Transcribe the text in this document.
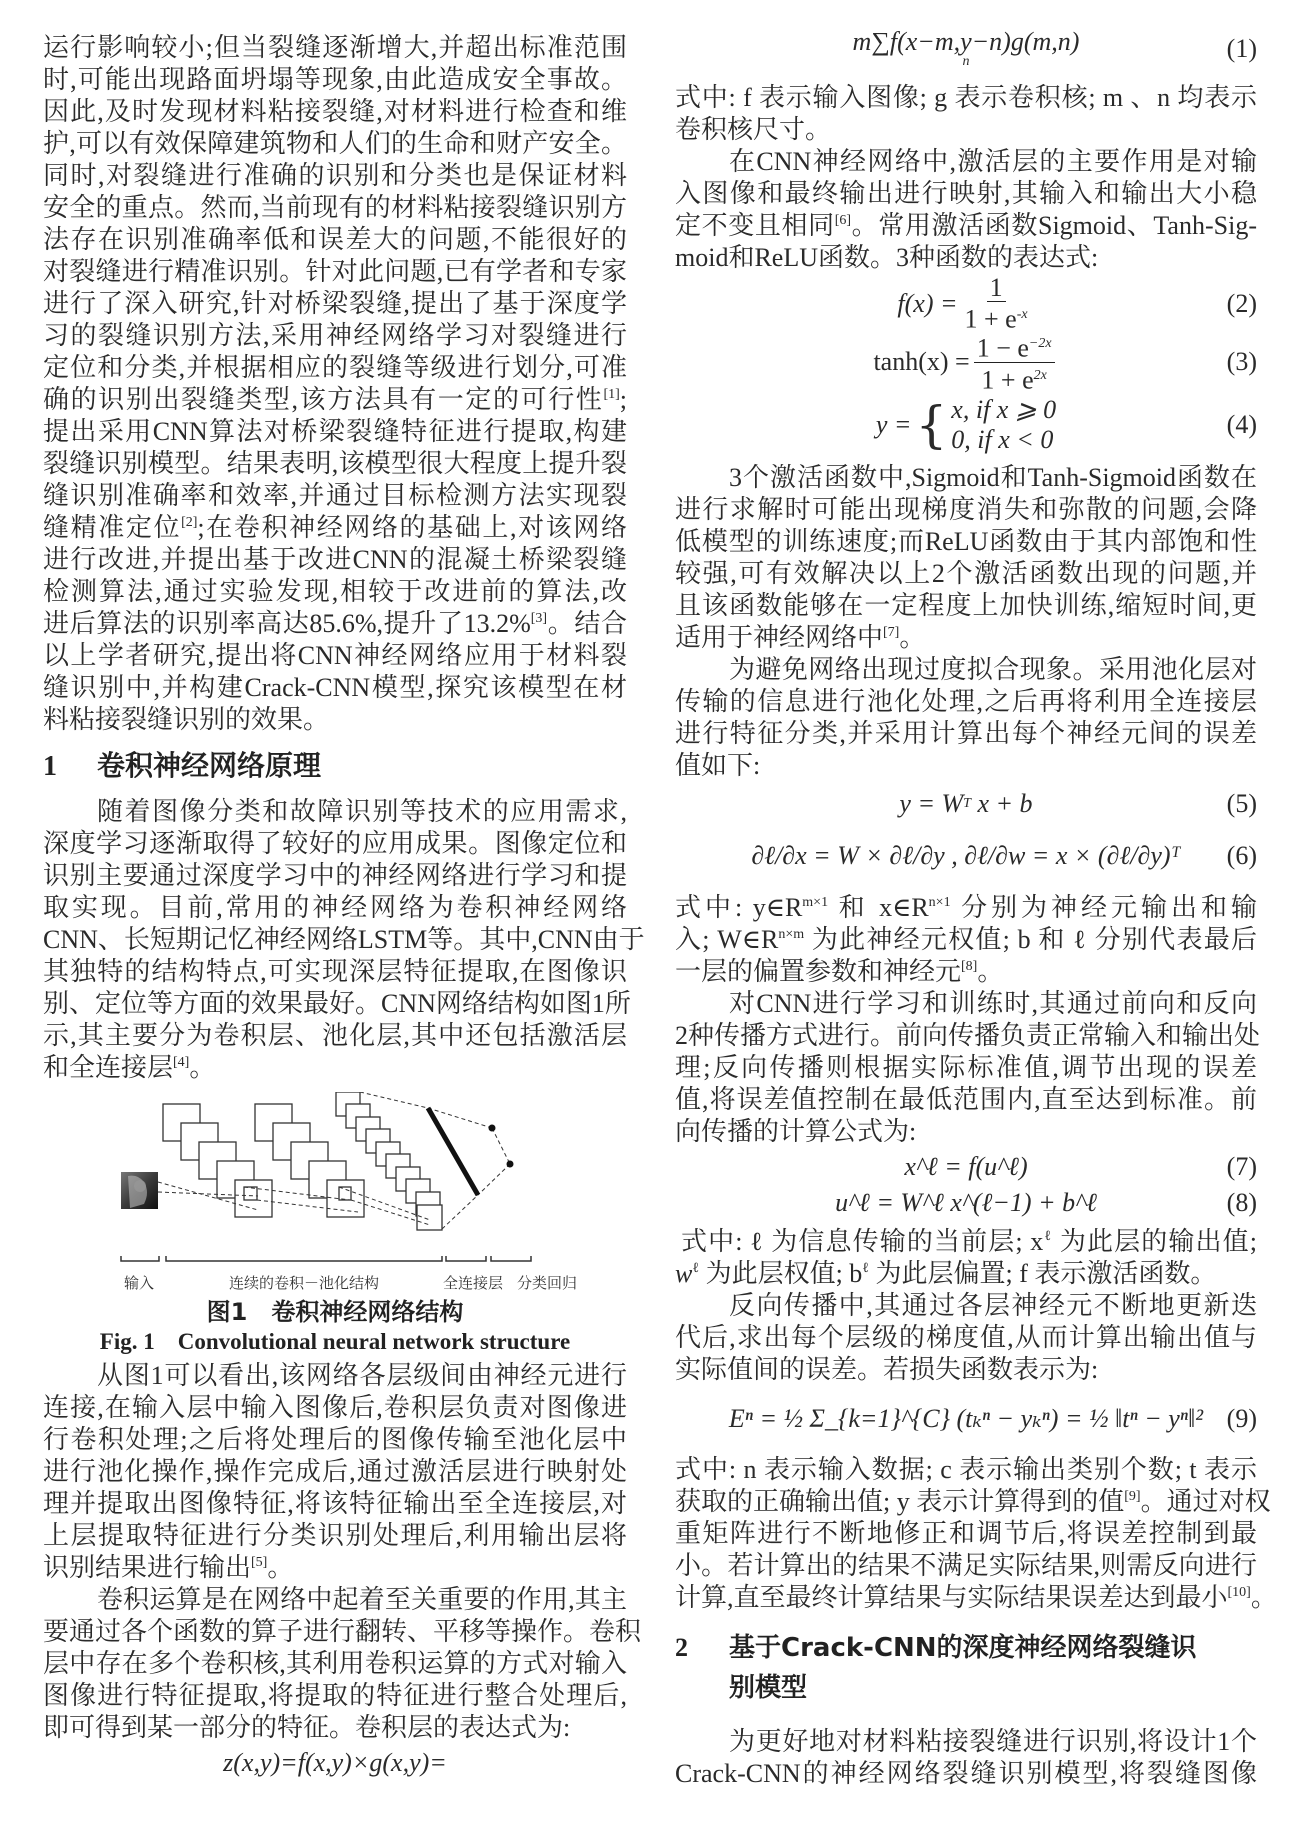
运行影响较小;但当裂缝逐渐增大,并超出标准范围
时,可能出现路面坍塌等现象,由此造成安全事故。
因此,及时发现材料粘接裂缝,对材料进行检查和维
护,可以有效保障建筑物和人们的生命和财产安全。
同时,对裂缝进行准确的识别和分类也是保证材料
安全的重点。然而,当前现有的材料粘接裂缝识别方
法存在识别准确率低和误差大的问题,不能很好的
对裂缝进行精准识别。针对此问题,已有学者和专家
进行了深入研究,针对桥梁裂缝,提出了基于深度学
习的裂缝识别方法,采用神经网络学习对裂缝进行
定位和分类,并根据相应的裂缝等级进行划分,可准
确的识别出裂缝类型,该方法具有一定的可行性[1];
提出采用CNN算法对桥梁裂缝特征进行提取,构建
裂缝识别模型。结果表明,该模型很大程度上提升裂
缝识别准确率和效率,并通过目标检测方法实现裂
缝精准定位[2];在卷积神经网络的基础上,对该网络
进行改进,并提出基于改进CNN的混凝土桥梁裂缝
检测算法,通过实验发现,相较于改进前的算法,改
进后算法的识别率高达85.6%,提升了13.2%[3]。结合
以上学者研究,提出将CNN神经网络应用于材料裂
缝识别中,并构建Crack-CNN模型,探究该模型在材
料粘接裂缝识别的效果。
1 卷积神经网络原理
随着图像分类和故障识别等技术的应用需求,
深度学习逐渐取得了较好的应用成果。图像定位和
识别主要通过深度学习中的神经网络进行学习和提
取实现。目前,常用的神经网络为卷积神经网络
CNN、长短期记忆神经网络LSTM等。其中,CNN由于
其独特的结构特点,可实现深层特征提取,在图像识
别、定位等方面的效果最好。CNN网络结构如图1所
示,其主要分为卷积层、池化层,其中还包括激活层
和全连接层[4]。
输入	连续的卷积－池化结构	全连接层 分类回归
图1　卷积神经网络结构
Fig. 1　Convolutional neural network structure
从图1可以看出,该网络各层级间由神经元进行
连接,在输入层中输入图像后,卷积层负责对图像进
行卷积处理;之后将处理后的图像传输至池化层中
进行池化操作,操作完成后,通过激活层进行映射处
理并提取出图像特征,将该特征输出至全连接层,对
上层提取特征进行分类识别处理后,利用输出层将
识别结果进行输出[5]。
卷积运算是在网络中起着至关重要的作用,其主
要通过各个函数的算子进行翻转、平移等操作。卷积
层中存在多个卷积核,其利用卷积运算的方式对输入
图像进行特征提取,将提取的特征进行整合处理后,
即可得到某一部分的特征。卷积层的表达式为:
z(x,y)=f(x,y)×g(x,y)=
m∑f(x−m,y−n)g(m,n)
n	(1)
式中: f 表示输入图像; g 表示卷积核; m 、n 均表示
卷积核尺寸。
在CNN神经网络中,激活层的主要作用是对输
入图像和最终输出进行映射,其输入和输出大小稳
定不变且相同[6]。常用激活函数Sigmoid、Tanh-Sig-
moid和ReLU函数。3种函数的表达式:
$f(x) = \frac{1}{1 + e^{-x}}$	(2)
$\tanh(x) = \frac{1 - e^{-2x}}{1 + e^{2x}}$	(3)
y = { x, if x ⩾ 0
0, if x < 0
(4)
3个激活函数中,Sigmoid和Tanh-Sigmoid函数在
进行求解时可能出现梯度消失和弥散的问题,会降
低模型的训练速度;而ReLU函数由于其内部饱和性
较强,可有效解决以上2个激活函数出现的问题,并
且该函数能够在一定程度上加快训练,缩短时间,更
适用于神经网络中[7]。
为避免网络出现过度拟合现象。采用池化层对
传输的信息进行池化处理,之后再将利用全连接层
进行特征分类,并采用计算出每个神经元间的误差
值如下:
y = W T x + b	(5)
∂ℓ/∂x = W × ∂ℓ/∂y , ∂ℓ/∂w = x × (∂ℓ/∂y)ᵀ (6)
式中: $y\in R^{m\times 1}$ 和 $x\in R^{n\times 1}$ 分别为神经元输出和输
入; $W\in R^{n\times m}$ 为此神经元权值; b 和 ℓ 分别代表最后
一层的偏置参数和神经元[8]。
对CNN进行学习和训练时,其通过前向和反向
2种传播方式进行。前向传播负责正常输入和输出处
理;反向传播则根据实际标准值,调节出现的误差
值,将误差值控制在最低范围内,直至达到标准。前
向传播的计算公式为:
x^ℓ = f(u^ℓ)	(7)
u^ℓ = W^ℓ x^(ℓ−1) + b^ℓ	(8)
式中: ℓ 为信息传输的当前层; $x^\ell$ 为此层的输出值;
$w^\ell$ 为此层权值; $b^\ell$ 为此层偏置; f 表示激活函数。
反向传播中,其通过各层神经元不断地更新迭
代后,求出每个层级的梯度值,从而计算出输出值与
实际值间的误差。若损失函数表示为:
Eⁿ = ½ Σ_{k=1}^{C} (tₖⁿ − yₖⁿ) = ½ ‖tⁿ − yⁿ‖² (9)
式中: n 表示输入数据; c 表示输出类别个数; t 表示
获取的正确输出值; y 表示计算得到的值[9]。通过对权
重矩阵进行不断地修正和调节后,将误差控制到最
小。若计算出的结果不满足实际结果,则需反向进行
计算,直至最终计算结果与实际结果误差达到最小[10]。
2 基于Crack-CNN的深度神经网络裂缝识
别模型
为更好地对材料粘接裂缝进行识别,将设计1个
Crack-CNN的神经网络裂缝识别模型,将裂缝图像
